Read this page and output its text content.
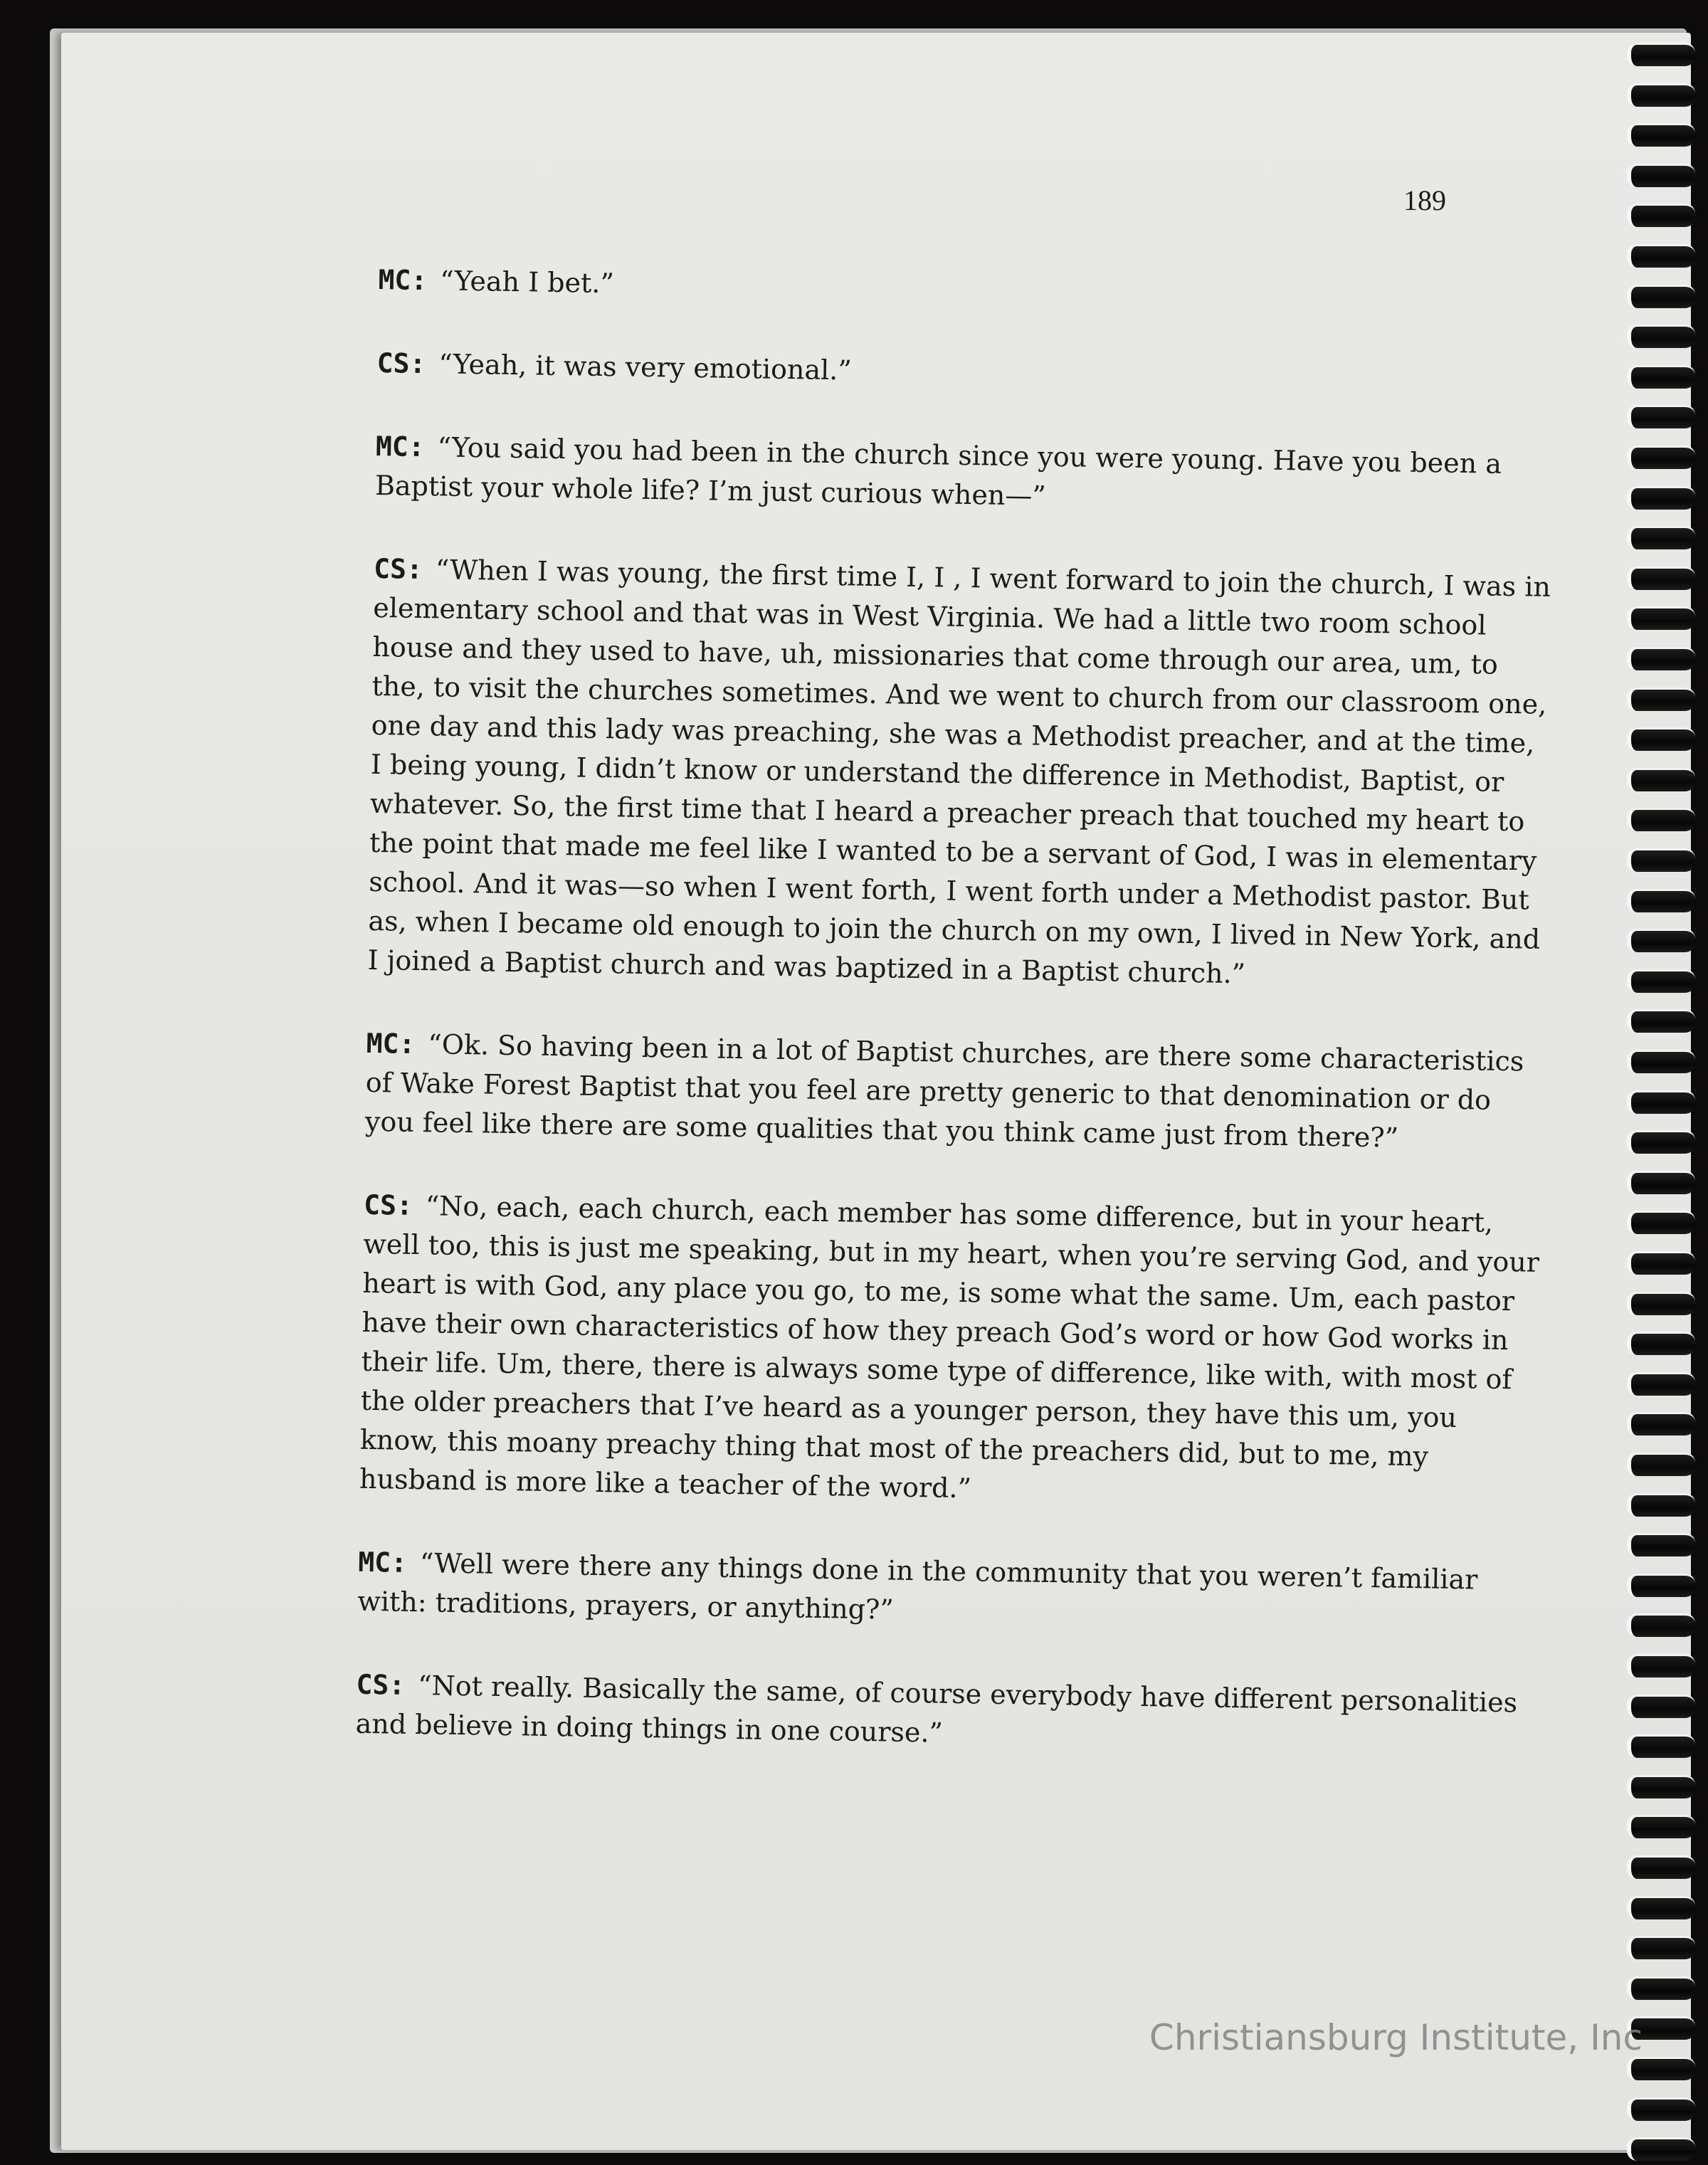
189

MC: “Yeah I bet.”

CS: “Yeah, it was very emotional.”

MC: “You said you had been in the church since you were young. Have you been a Baptist your whole life? I’m just curious when—”

CS: “When I was young, the first time I, I , I went forward to join the church, I was in elementary school and that was in West Virginia. We had a little two room school house and they used to have, uh, missionaries that come through our area, um, to the, to visit the churches sometimes. And we went to church from our classroom one, one day and this lady was preaching, she was a Methodist preacher, and at the time, I being young, I didn’t know or understand the difference in Methodist, Baptist, or whatever. So, the first time that I heard a preacher preach that touched my heart to the point that made me feel like I wanted to be a servant of God, I was in elementary school. And it was—so when I went forth, I went forth under a Methodist pastor. But as, when I became old enough to join the church on my own, I lived in New York, and I joined a Baptist church and was baptized in a Baptist church.”

MC: “Ok. So having been in a lot of Baptist churches, are there some characteristics of Wake Forest Baptist that you feel are pretty generic to that denomination or do you feel like there are some qualities that you think came just from there?”

CS: “No, each, each church, each member has some difference, but in your heart, well too, this is just me speaking, but in my heart, when you’re serving God, and your heart is with God, any place you go, to me, is some what the same. Um, each pastor have their own characteristics of how they preach God’s word or how God works in their life. Um, there, there is always some type of difference, like with, with most of the older preachers that I’ve heard as a younger person, they have this um, you know, this moany preachy thing that most of the preachers did, but to me, my husband is more like a teacher of the word.”

MC: “Well were there any things done in the community that you weren’t familiar with: traditions, prayers, or anything?”

CS: “Not really. Basically the same, of course everybody have different personalities and believe in doing things in one course.”

Christiansburg Institute, Inc
